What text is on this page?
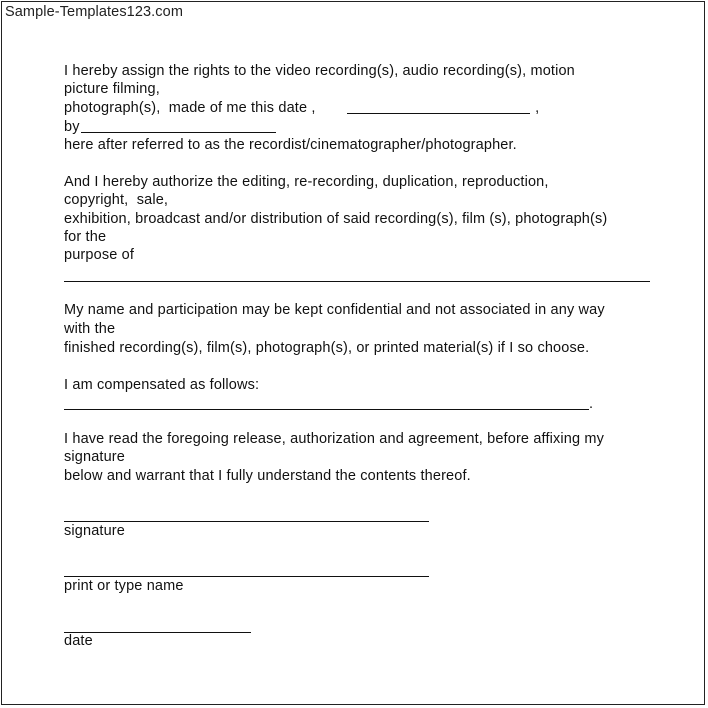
Sample-Templates123.com
I hereby assign the rights to the video recording(s), audio recording(s), motion
picture filming,
photograph(s),  made of me this date ,	,
by
here after referred to as the recordist/cinematographer/photographer.
And I hereby authorize the editing, re-recording, duplication, reproduction,
copyright,  sale,
exhibition, broadcast and/or distribution of said recording(s), film (s), photograph(s)
for the
purpose of
My name and participation may be kept confidential and not associated in any way
with the
finished recording(s), film(s), photograph(s), or printed material(s) if I so choose.
I am compensated as follows:
.
I have read the foregoing release, authorization and agreement, before affixing my
signature
below and warrant that I fully understand the contents thereof.
signature
print or type name
date
